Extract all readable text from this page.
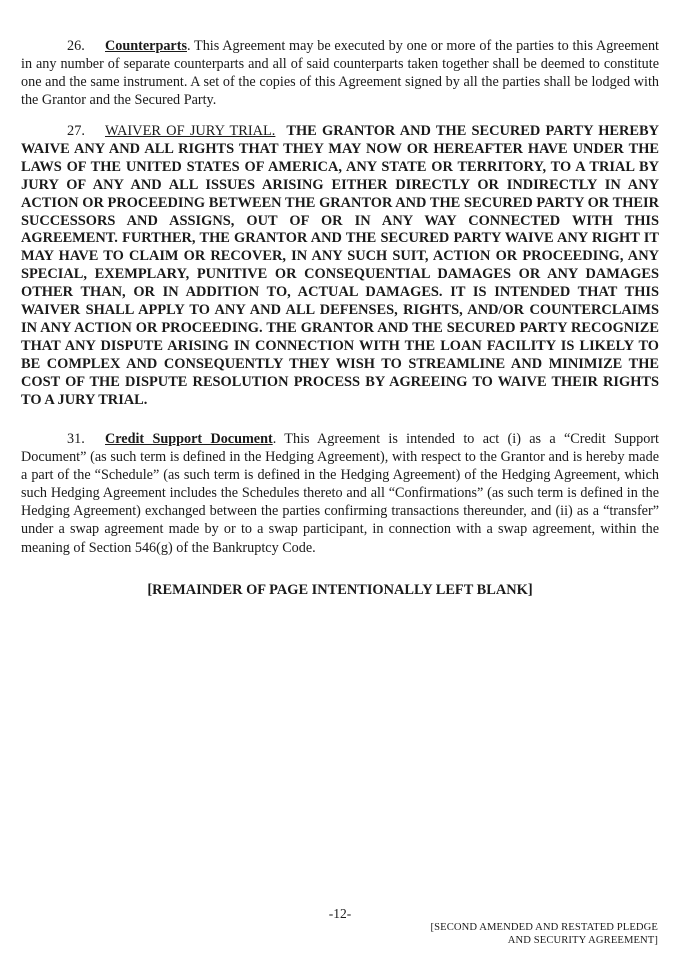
26. Counterparts. This Agreement may be executed by one or more of the parties to this Agreement in any number of separate counterparts and all of said counterparts taken together shall be deemed to constitute one and the same instrument. A set of the copies of this Agreement signed by all the parties shall be lodged with the Grantor and the Secured Party.

27. WAIVER OF JURY TRIAL. THE GRANTOR AND THE SECURED PARTY HEREBY WAIVE ANY AND ALL RIGHTS THAT THEY MAY NOW OR HEREAFTER HAVE UNDER THE LAWS OF THE UNITED STATES OF AMERICA, ANY STATE OR TERRITORY, TO A TRIAL BY JURY OF ANY AND ALL ISSUES ARISING EITHER DIRECTLY OR INDIRECTLY IN ANY ACTION OR PROCEEDING BETWEEN THE GRANTOR AND THE SECURED PARTY OR THEIR SUCCESSORS AND ASSIGNS, OUT OF OR IN ANY WAY CONNECTED WITH THIS AGREEMENT. FURTHER, THE GRANTOR AND THE SECURED PARTY WAIVE ANY RIGHT IT MAY HAVE TO CLAIM OR RECOVER, IN ANY SUCH SUIT, ACTION OR PROCEEDING, ANY SPECIAL, EXEMPLARY, PUNITIVE OR CONSEQUENTIAL DAMAGES OR ANY DAMAGES OTHER THAN, OR IN ADDITION TO, ACTUAL DAMAGES. IT IS INTENDED THAT THIS WAIVER SHALL APPLY TO ANY AND ALL DEFENSES, RIGHTS, AND/OR COUNTERCLAIMS IN ANY ACTION OR PROCEEDING. THE GRANTOR AND THE SECURED PARTY RECOGNIZE THAT ANY DISPUTE ARISING IN CONNECTION WITH THE LOAN FACILITY IS LIKELY TO BE COMPLEX AND CONSEQUENTLY THEY WISH TO STREAMLINE AND MINIMIZE THE COST OF THE DISPUTE RESOLUTION PROCESS BY AGREEING TO WAIVE THEIR RIGHTS TO A JURY TRIAL.

31. Credit Support Document. This Agreement is intended to act (i) as a “Credit Support Document” (as such term is defined in the Hedging Agreement), with respect to the Grantor and is hereby made a part of the “Schedule” (as such term is defined in the Hedging Agreement) of the Hedging Agreement, which such Hedging Agreement includes the Schedules thereto and all “Confirmations” (as such term is defined in the Hedging Agreement) exchanged between the parties confirming transactions thereunder, and (ii) as a “transfer” under a swap agreement made by or to a swap participant, in connection with a swap agreement, within the meaning of Section 546(g) of the Bankruptcy Code.

[REMAINDER OF PAGE INTENTIONALLY LEFT BLANK]
-12-
[SECOND AMENDED AND RESTATED PLEDGE
AND SECURITY AGREEMENT]
